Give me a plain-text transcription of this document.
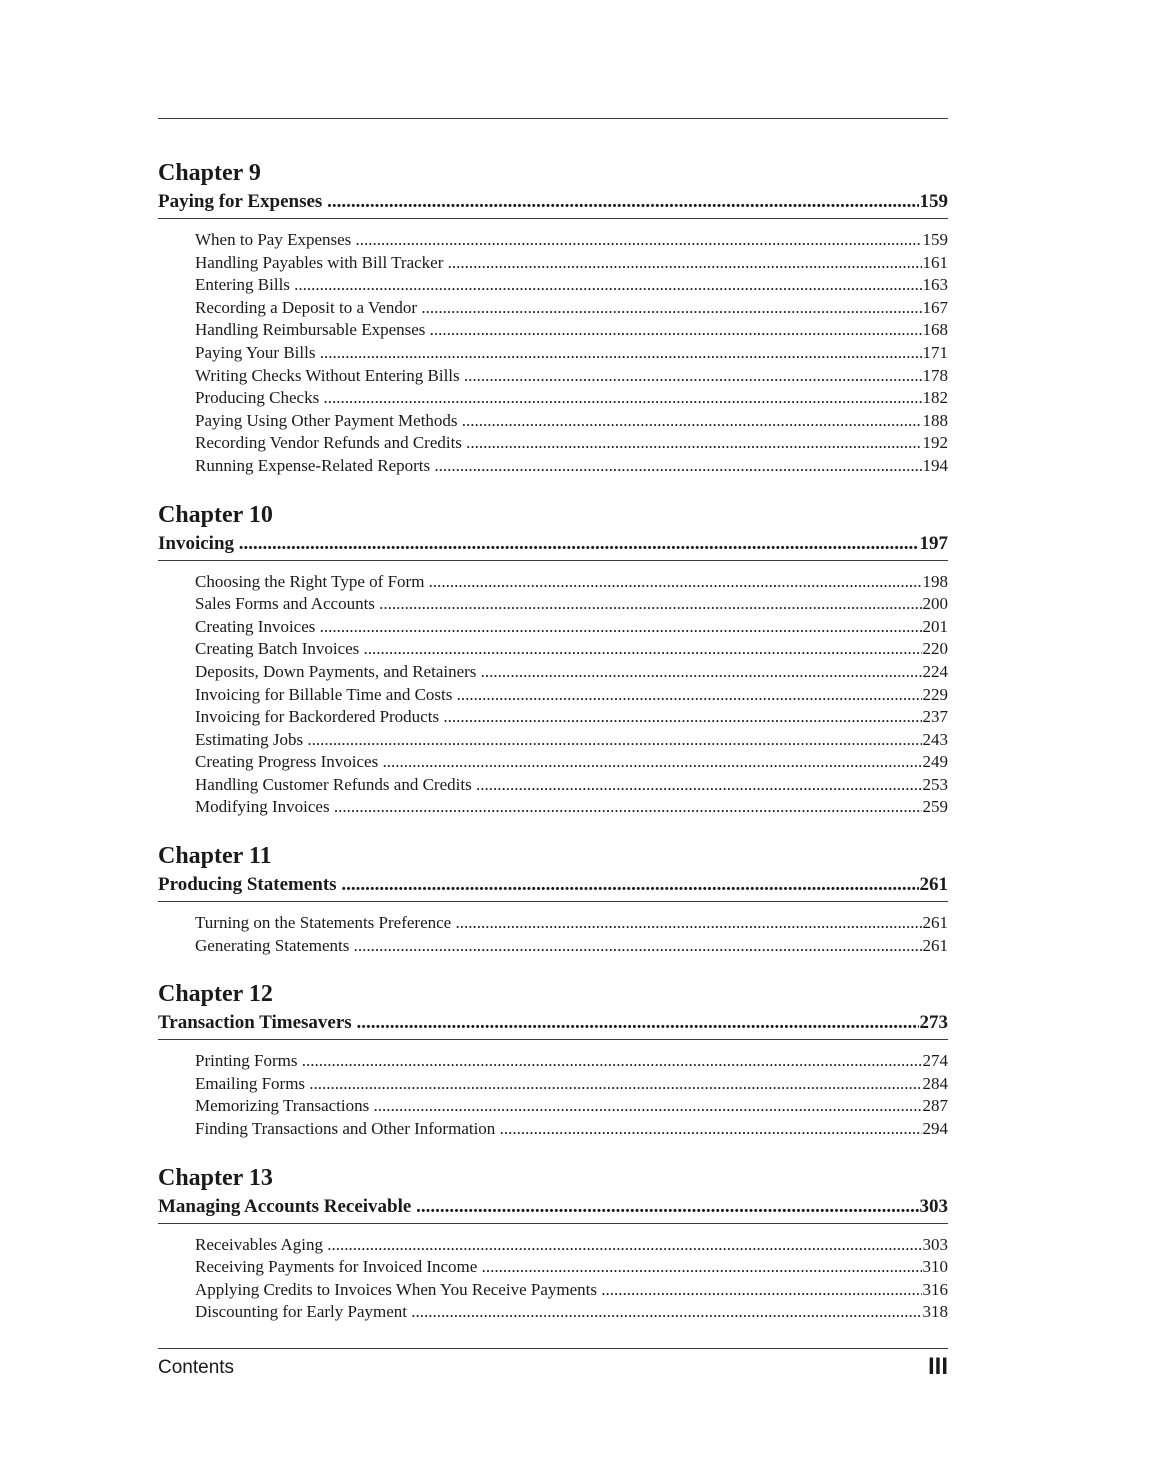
Chapter 9
Paying for Expenses .....	159
When to Pay Expenses .....	159
Handling Payables with Bill Tracker .....	161
Entering Bills .....	163
Recording a Deposit to a Vendor .....	167
Handling Reimbursable Expenses .....	168
Paying Your Bills .....	171
Writing Checks Without Entering Bills .....	178
Producing Checks .....	182
Paying Using Other Payment Methods .....	188
Recording Vendor Refunds and Credits .....	192
Running Expense-Related Reports .....	194
Chapter 10
Invoicing .....	197
Choosing the Right Type of Form .....	198
Sales Forms and Accounts .....	200
Creating Invoices .....	201
Creating Batch Invoices .....	220
Deposits, Down Payments, and Retainers .....	224
Invoicing for Billable Time and Costs .....	229
Invoicing for Backordered Products .....	237
Estimating Jobs .....	243
Creating Progress Invoices .....	249
Handling Customer Refunds and Credits .....	253
Modifying Invoices .....	259
Chapter 11
Producing Statements .....	261
Turning on the Statements Preference .....	261
Generating Statements .....	261
Chapter 12
Transaction Timesavers .....	273
Printing Forms .....	274
Emailing Forms .....	284
Memorizing Transactions .....	287
Finding Transactions and Other Information .....	294
Chapter 13
Managing Accounts Receivable .....	303
Receivables Aging .....	303
Receiving Payments for Invoiced Income .....	310
Applying Credits to Invoices When You Receive Payments .....	316
Discounting for Early Payment .....	318
Contents	III
